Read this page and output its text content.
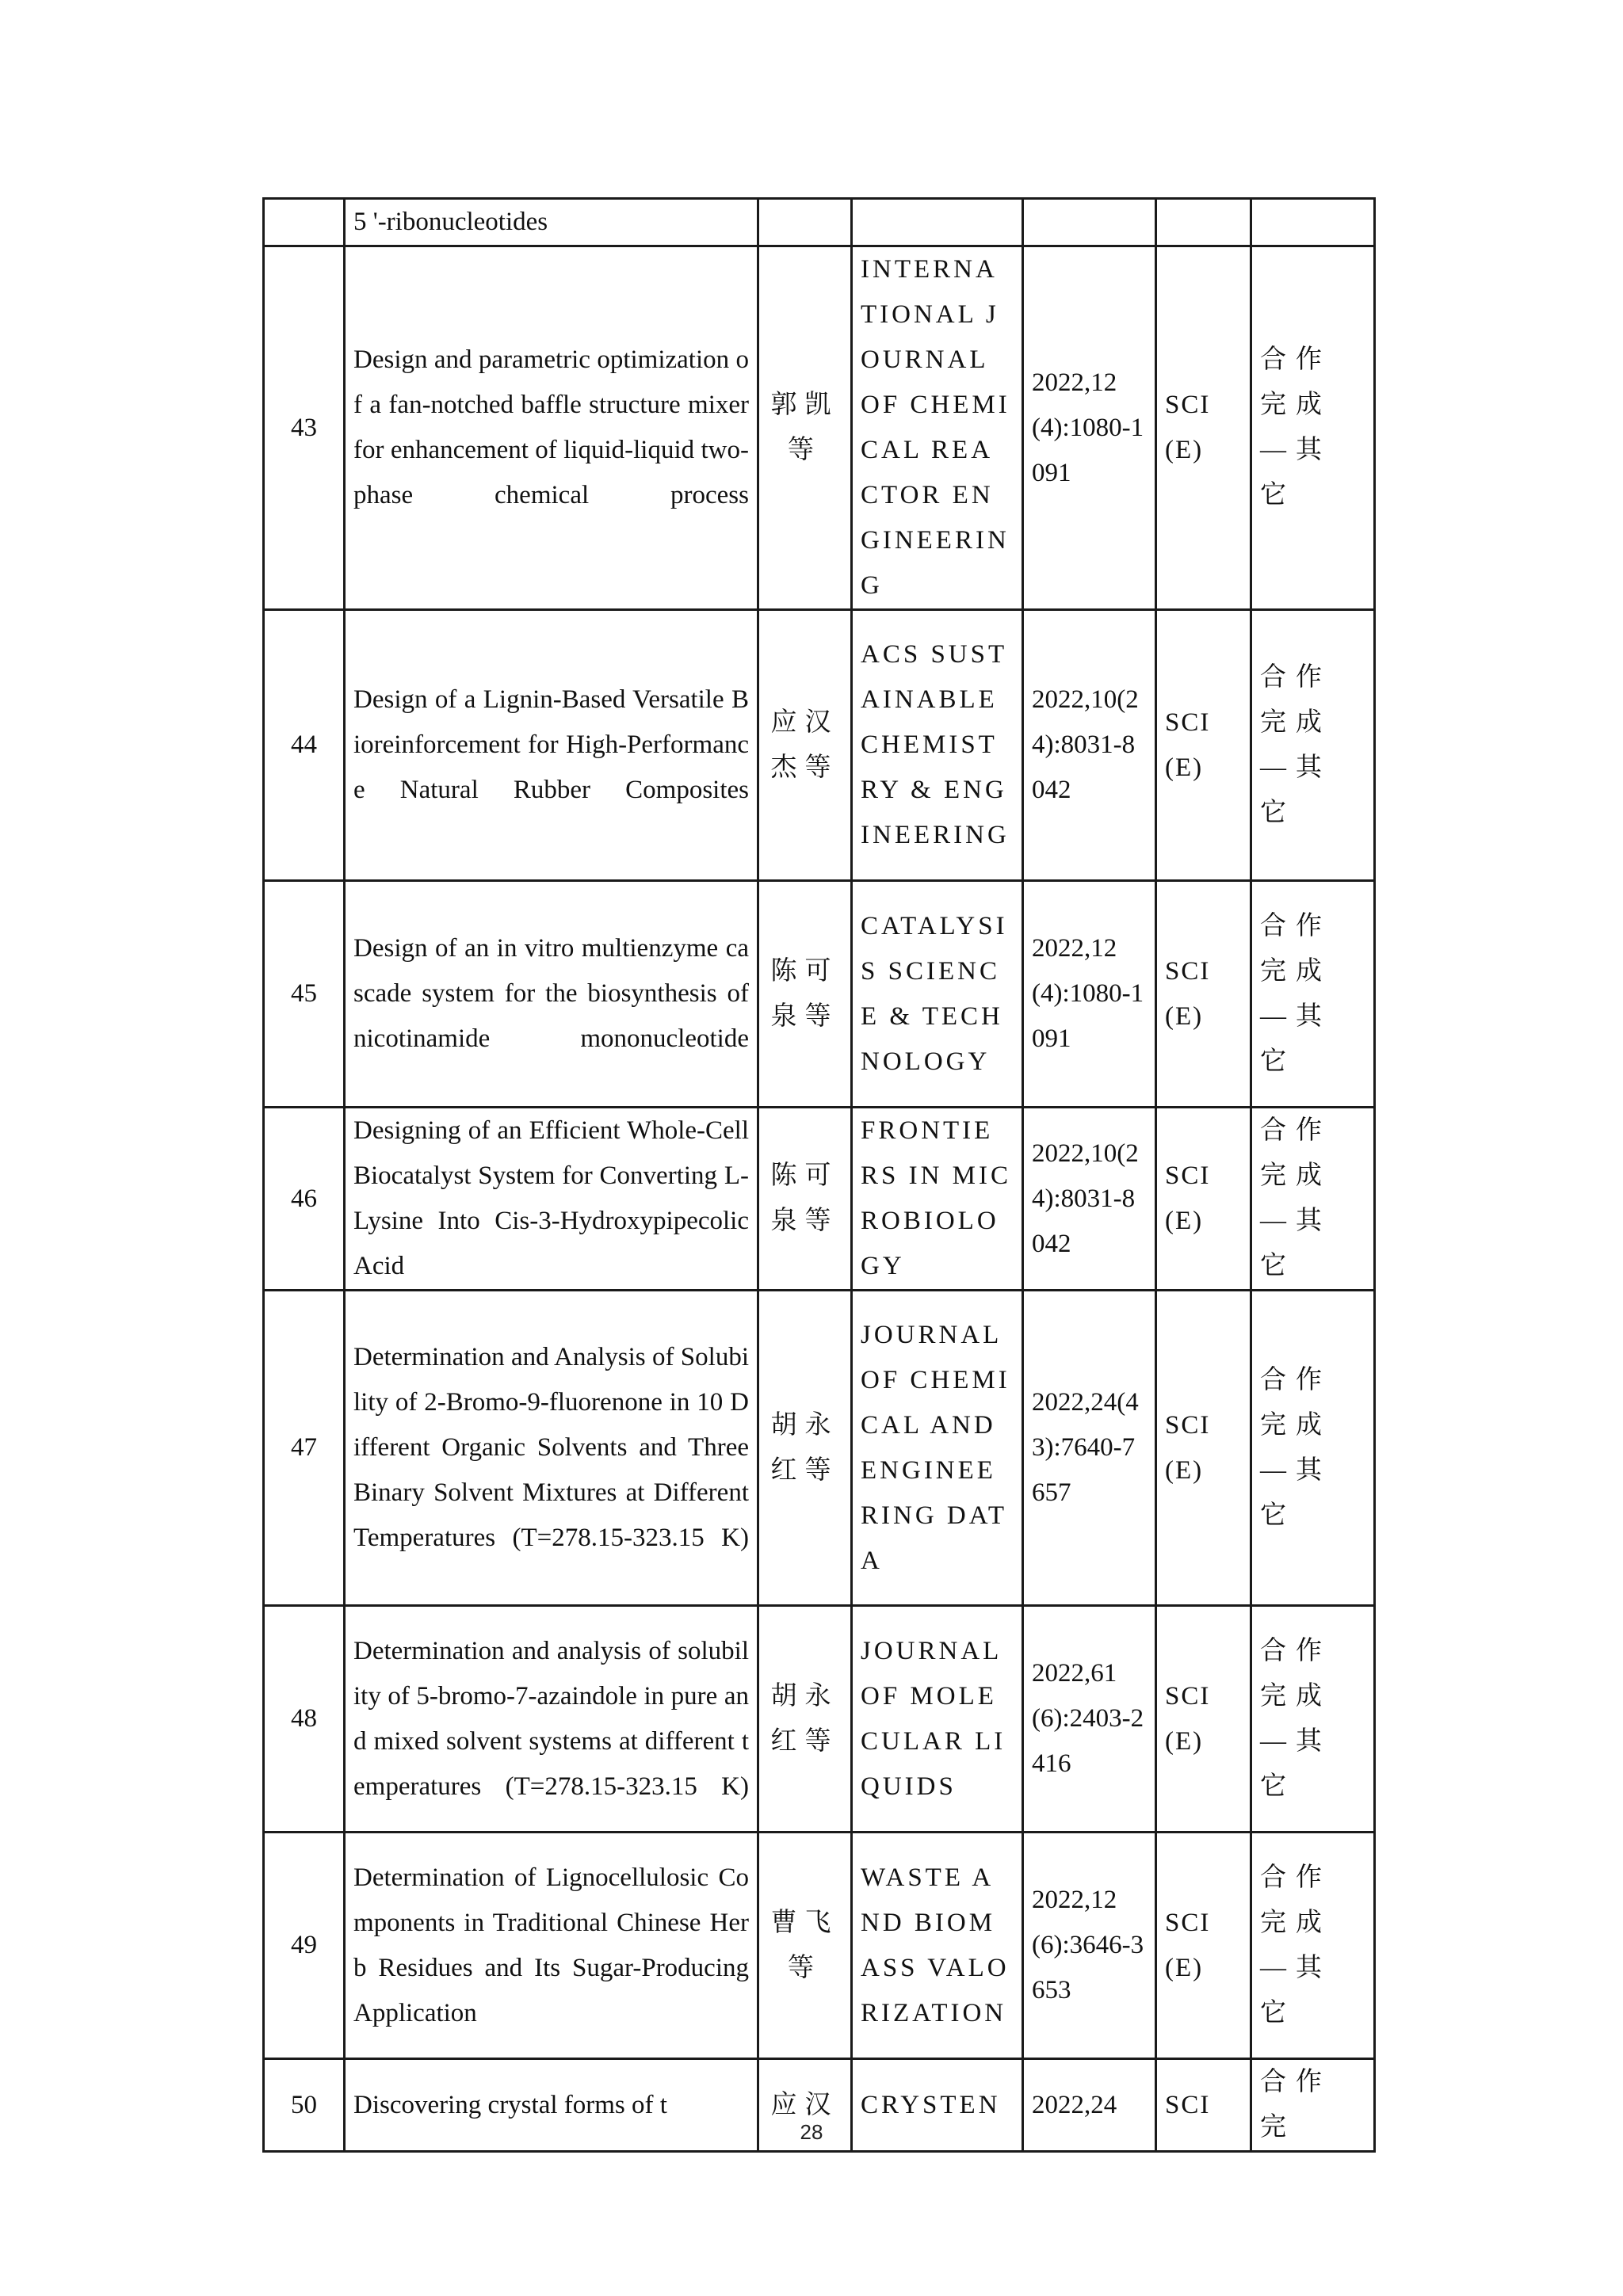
	5 '-ribonucleotides					
43	Design and parametric optimization of a fan-notched baffle structure mixer for enhancement of liquid-liquid two-phase chemical process	郭凯等	INTERNATIONAL JOURNAL OF CHEMICAL REACTOR ENGINEERING	2022,12(4):1080-1091	SCI(E)	合作完成—其它
44	Design of a Lignin-Based Versatile Bioreinforcement for High-Performance Natural Rubber Composites	应汉杰等	ACS SUSTAINABLE CHEMISTRY & ENGINEERING	2022,10(24):8031-8042	SCI(E)	合作完成—其它
45	Design of an in vitro multienzyme cascade system for the biosynthesis of nicotinamide mononucleotide	陈可泉等	CATALYSIS SCIENCE & TECHNOLOGY	2022,12(4):1080-1091	SCI(E)	合作完成—其它
46	Designing of an Efficient Whole-Cell Biocatalyst System for Converting L-Lysine Into Cis-3-Hydroxypipecolic Acid	陈可泉等	FRONTIERS IN MICROBIOLOGY	2022,10(24):8031-8042	SCI(E)	合作完成—其它
47	Determination and Analysis of Solubility of 2-Bromo-9-fluorenone in 10 Different Organic Solvents and Three Binary Solvent Mixtures at Different Temperatures (T=278.15-323.15 K)	胡永红等	JOURNAL OF CHEMICAL AND ENGINEERING DATA	2022,24(43):7640-7657	SCI(E)	合作完成—其它
48	Determination and analysis of solubility of 5-bromo-7-azaindole in pure and mixed solvent systems at different temperatures (T=278.15-323.15 K)	胡永红等	JOURNAL OF MOLECULAR LIQUIDS	2022,61(6):2403-2416	SCI(E)	合作完成—其它
49	Determination of Lignocellulosic Components in Traditional Chinese Herb Residues and Its Sugar-Producing Application	曹飞等	WASTE AND BIOMASS VALORIZATION	2022,12(6):3646-3653	SCI(E)	合作完成—其它
50	Discovering crystal forms of t	应汉	CRYSTEN	2022,24	SCI	合作完
28
